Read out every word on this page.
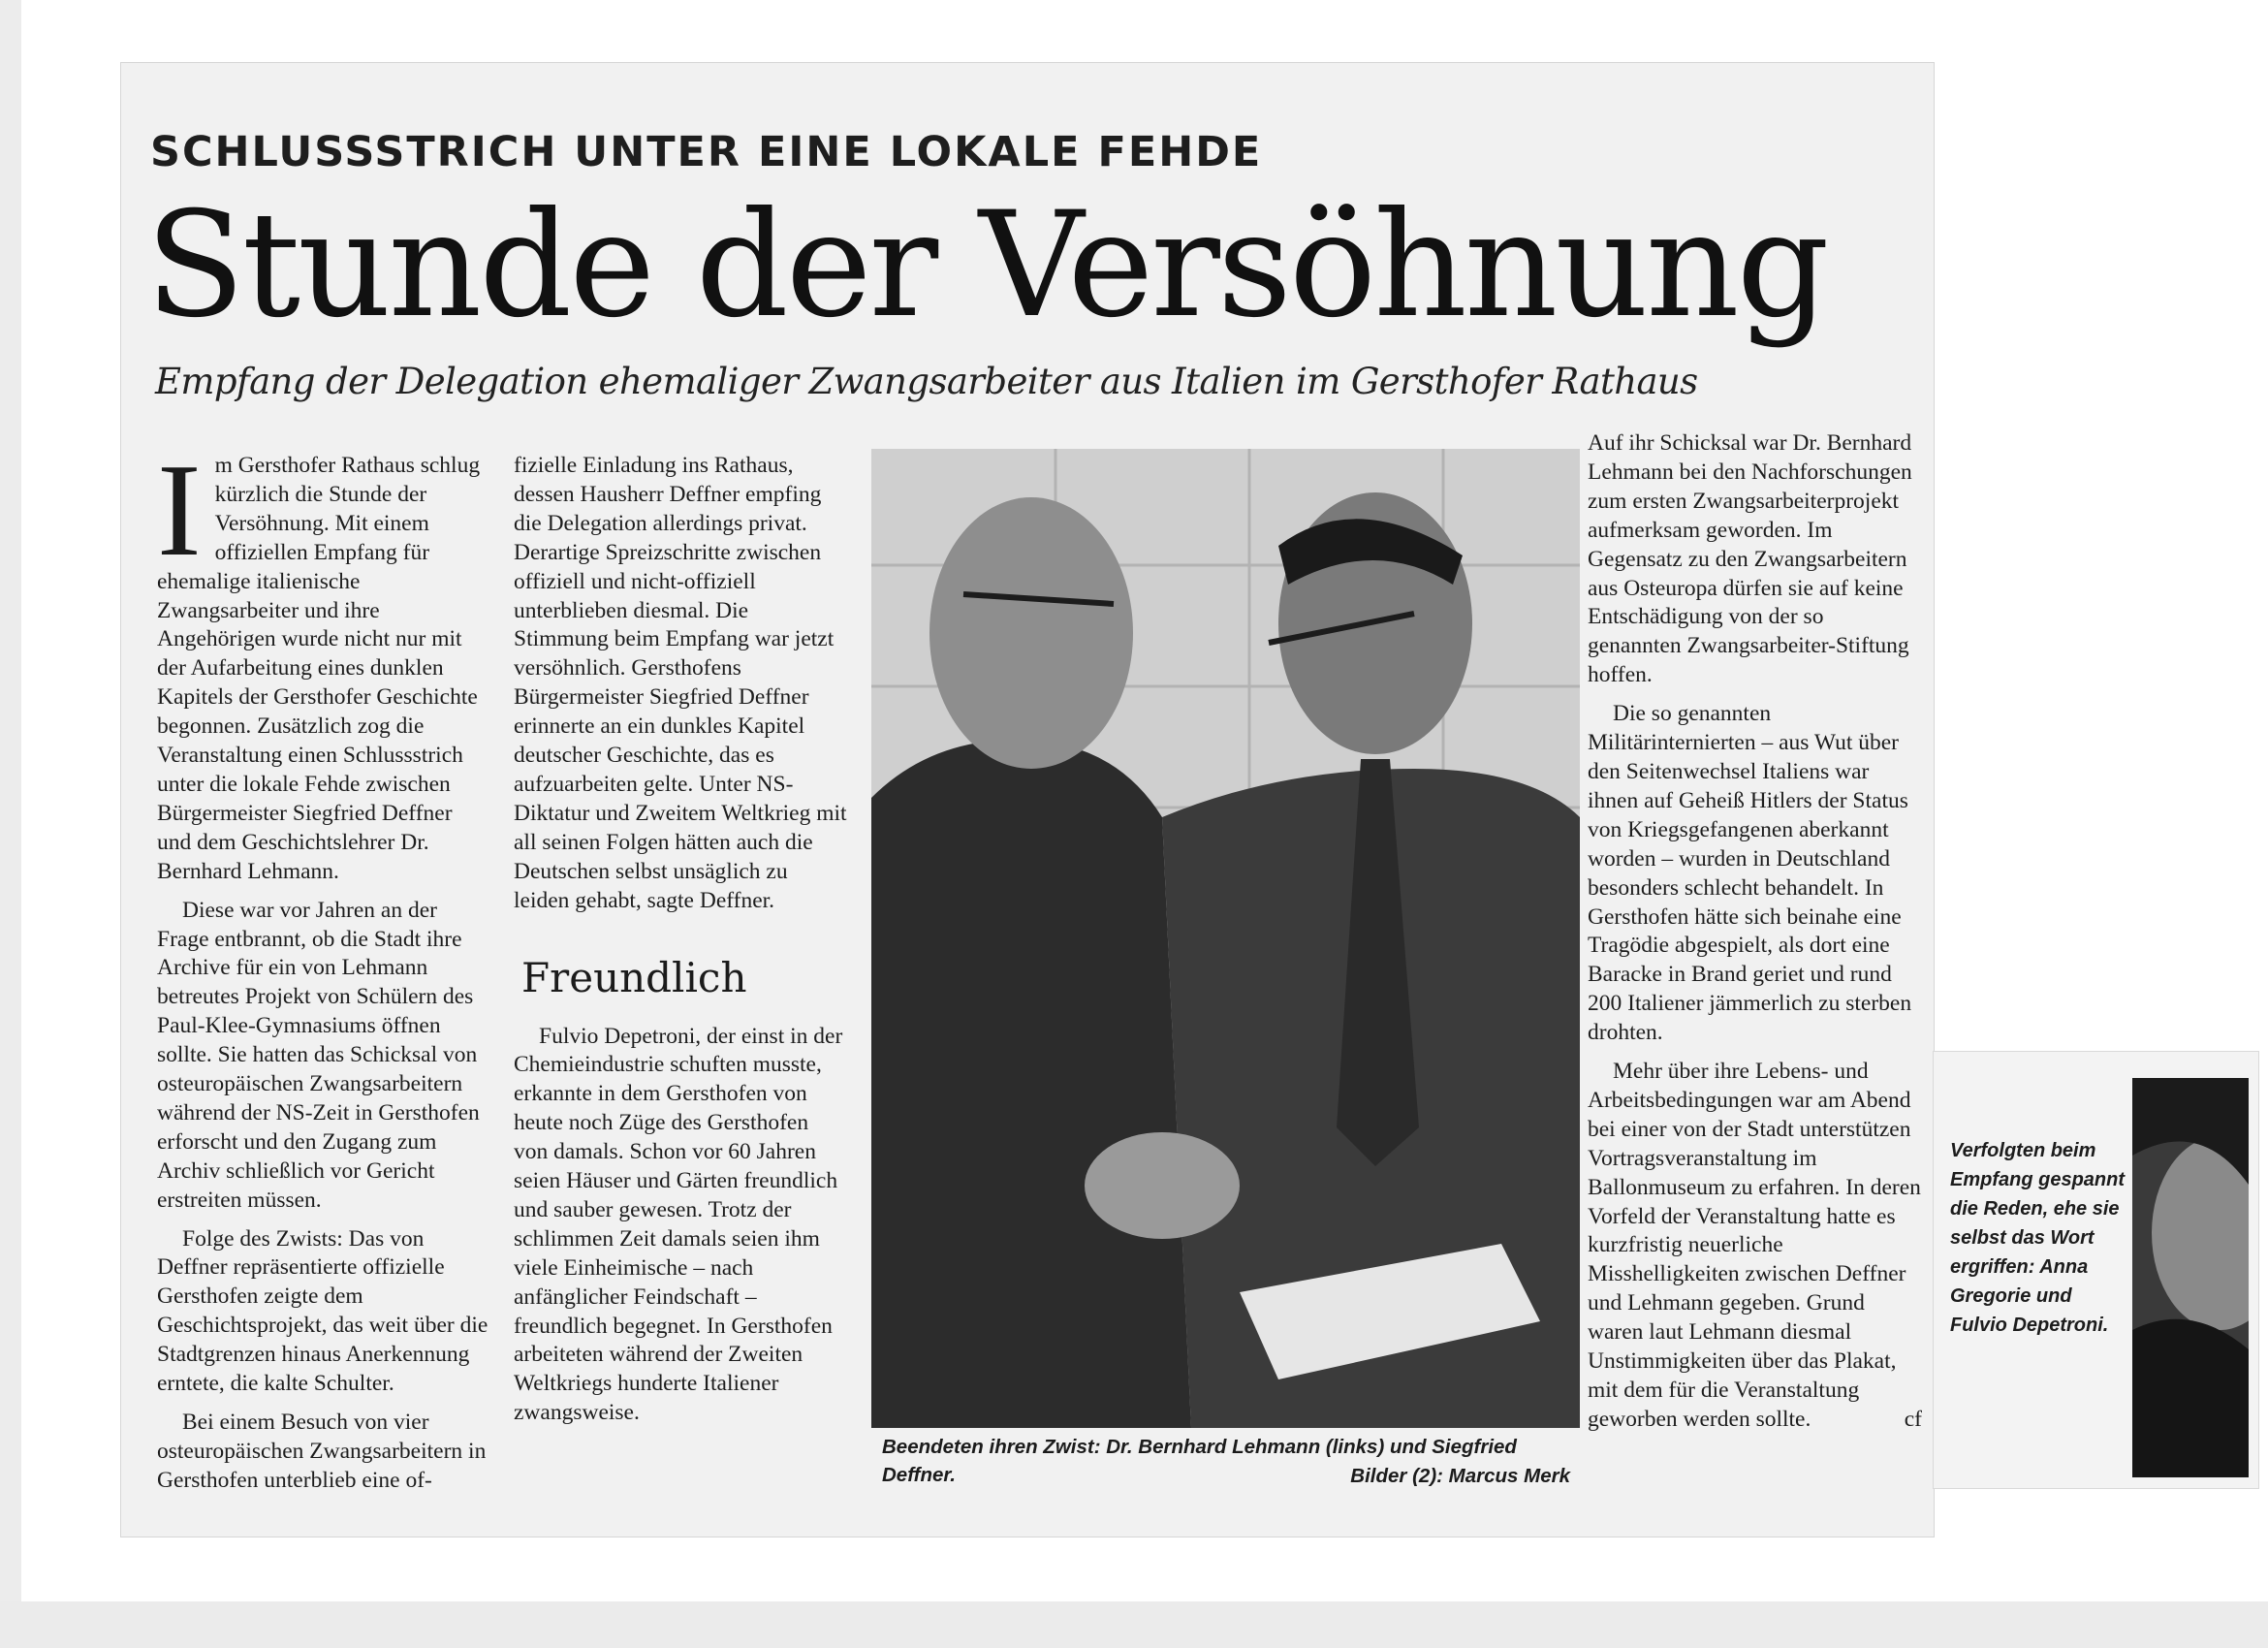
SCHLUSSSTRICH UNTER EINE LOKALE FEHDE
Stunde der Versöhnung
Empfang der Delegation ehemaliger Zwangsarbeiter aus Italien im Gersthofer Rathaus

Im Gersthofer Rathaus schlug kürzlich die Stunde der Versöhnung. Mit einem offiziellen Empfang für ehemalige italienische Zwangsarbeiter und ihre Angehörigen wurde nicht nur mit der Aufarbeitung eines dunklen Kapitels der Gersthofer Geschichte begonnen. Zusätzlich zog die Veranstaltung einen Schlussstrich unter die lokale Fehde zwischen Bürgermeister Siegfried Deffner und dem Geschichtslehrer Dr. Bernhard Lehmann.

Diese war vor Jahren an der Frage entbrannt, ob die Stadt ihre Archive für ein von Lehmann betreutes Projekt von Schülern des Paul-Klee-Gymnasiums öffnen sollte. Sie hatten das Schicksal von osteuropäischen Zwangsarbeitern während der NS-Zeit in Gersthofen erforscht und den Zugang zum Archiv schließlich vor Gericht erstreiten müssen.

Folge des Zwists: Das von Deffner repräsentierte offizielle Gersthofen zeigte dem Geschichtsprojekt, das weit über die Stadtgrenzen hinaus Anerkennung erntete, die kalte Schulter.

Bei einem Besuch von vier osteuropäischen Zwangsarbeitern in Gersthofen unterblieb eine of-

fizielle Einladung ins Rathaus, dessen Hausherr Deffner empfing die Delegation allerdings privat. Derartige Spreizschritte zwischen offiziell und nicht-offiziell unterblieben diesmal. Die Stimmung beim Empfang war jetzt versöhnlich. Gersthofens Bürgermeister Siegfried Deffner erinnerte an ein dunkles Kapitel deutscher Geschichte, das es aufzuarbeiten gelte. Unter NS-Diktatur und Zweitem Weltkrieg mit all seinen Folgen hätten auch die Deutschen selbst unsäglich zu leiden gehabt, sagte Deffner.

Freundlich

Fulvio Depetroni, der einst in der Chemieindustrie schuften musste, erkannte in dem Gersthofen von heute noch Züge des Gersthofen von damals. Schon vor 60 Jahren seien Häuser und Gärten freundlich und sauber gewesen. Trotz der schlimmen Zeit damals seien ihm viele Einheimische – nach anfänglicher Feindschaft – freundlich begegnet. In Gersthofen arbeiteten während der Zweiten Weltkriegs hunderte Italiener zwangsweise.

Beendeten ihren Zwist: Dr. Bernhard Lehmann (links) und Siegfried Deffner.	Bilder (2): Marcus Merk

Auf ihr Schicksal war Dr. Bernhard Lehmann bei den Nachforschungen zum ersten Zwangsarbeiterprojekt aufmerksam geworden. Im Gegensatz zu den Zwangsarbeitern aus Osteuropa dürfen sie auf keine Entschädigung von der so genannten Zwangsarbeiter-Stiftung hoffen.

Die so genannten Militärinternierten – aus Wut über den Seitenwechsel Italiens war ihnen auf Geheiß Hitlers der Status von Kriegsgefangenen aberkannt worden – wurden in Deutschland besonders schlecht behandelt. In Gersthofen hätte sich beinahe eine Tragödie abgespielt, als dort eine Baracke in Brand geriet und rund 200 Italiener jämmerlich zu sterben drohten.

Mehr über ihre Lebens- und Arbeitsbedingungen war am Abend bei einer von der Stadt unterstützen Vortragsveranstaltung im Ballonmuseum zu erfahren. In deren Vorfeld der Veranstaltung hatte es kurzfristig neuerliche Misshelligkeiten zwischen Deffner und Lehmann gegeben. Grund waren laut Lehmann diesmal Unstimmigkeiten über das Plakat, mit dem für die Veranstaltung geworben werden sollte.	cf

Verfolgten beim Empfang gespannt die Reden, ehe sie selbst das Wort ergriffen: Anna Gregorie und Fulvio Depetroni.
